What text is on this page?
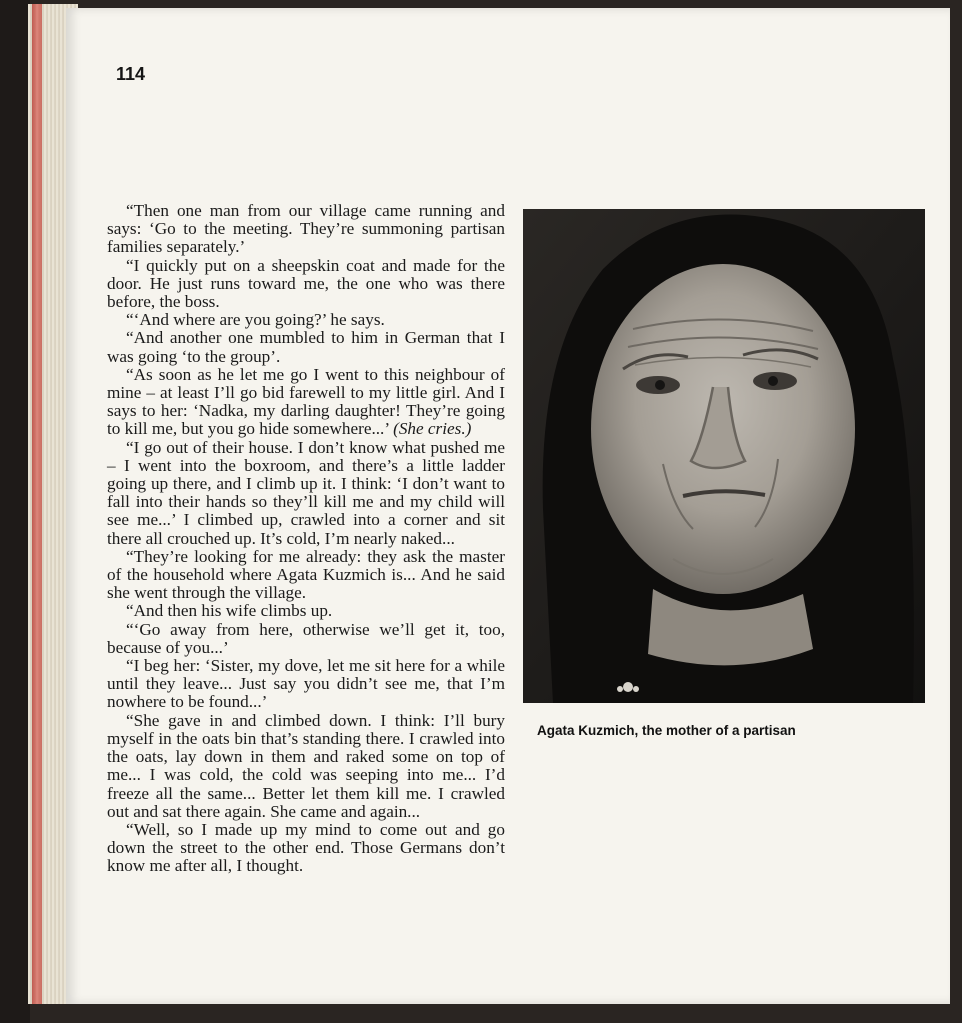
114

“Then one man from our village came running and says: ‘Go to the meeting. They’re summoning partisan families separately.’

“I quickly put on a sheepskin coat and made for the door. He just runs toward me, the one who was there before, the boss.

“‘And where are you going?’ he says.

“And another one mumbled to him in German that I was going ‘to the group’.

“As soon as he let me go I went to this neighbour of mine – at least I’ll go bid farewell to my little girl. And I says to her: ‘Nadka, my darling daughter! They’re going to kill me, but you go hide somewhere...’ (She cries.)

“I go out of their house. I don’t know what pushed me – I went into the boxroom, and there’s a little ladder going up there, and I climb up it. I think: ‘I don’t want to fall into their hands so they’ll kill me and my child will see me...’ I climbed up, crawled into a corner and sit there all crouched up. It’s cold, I’m nearly naked...

“They’re looking for me already: they ask the master of the household where Agata Kuzmich is... And he said she went through the village.

“And then his wife climbs up.

“‘Go away from here, otherwise we’ll get it, too, because of you...’

“I beg her: ‘Sister, my dove, let me sit here for a while until they leave... Just say you didn’t see me, that I’m nowhere to be found...’

“She gave in and climbed down. I think: I’ll bury myself in the oats bin that’s standing there. I crawled into the oats, lay down in them and raked some on top of me... I was cold, the cold was seeping into me... I’d freeze all the same... Better let them kill me. I crawled out and sat there again. She came and again...

“Well, so I made up my mind to come out and go down the street to the other end. Those Germans don’t know me after all, I thought.

Agata Kuzmich, the mother of a partisan
